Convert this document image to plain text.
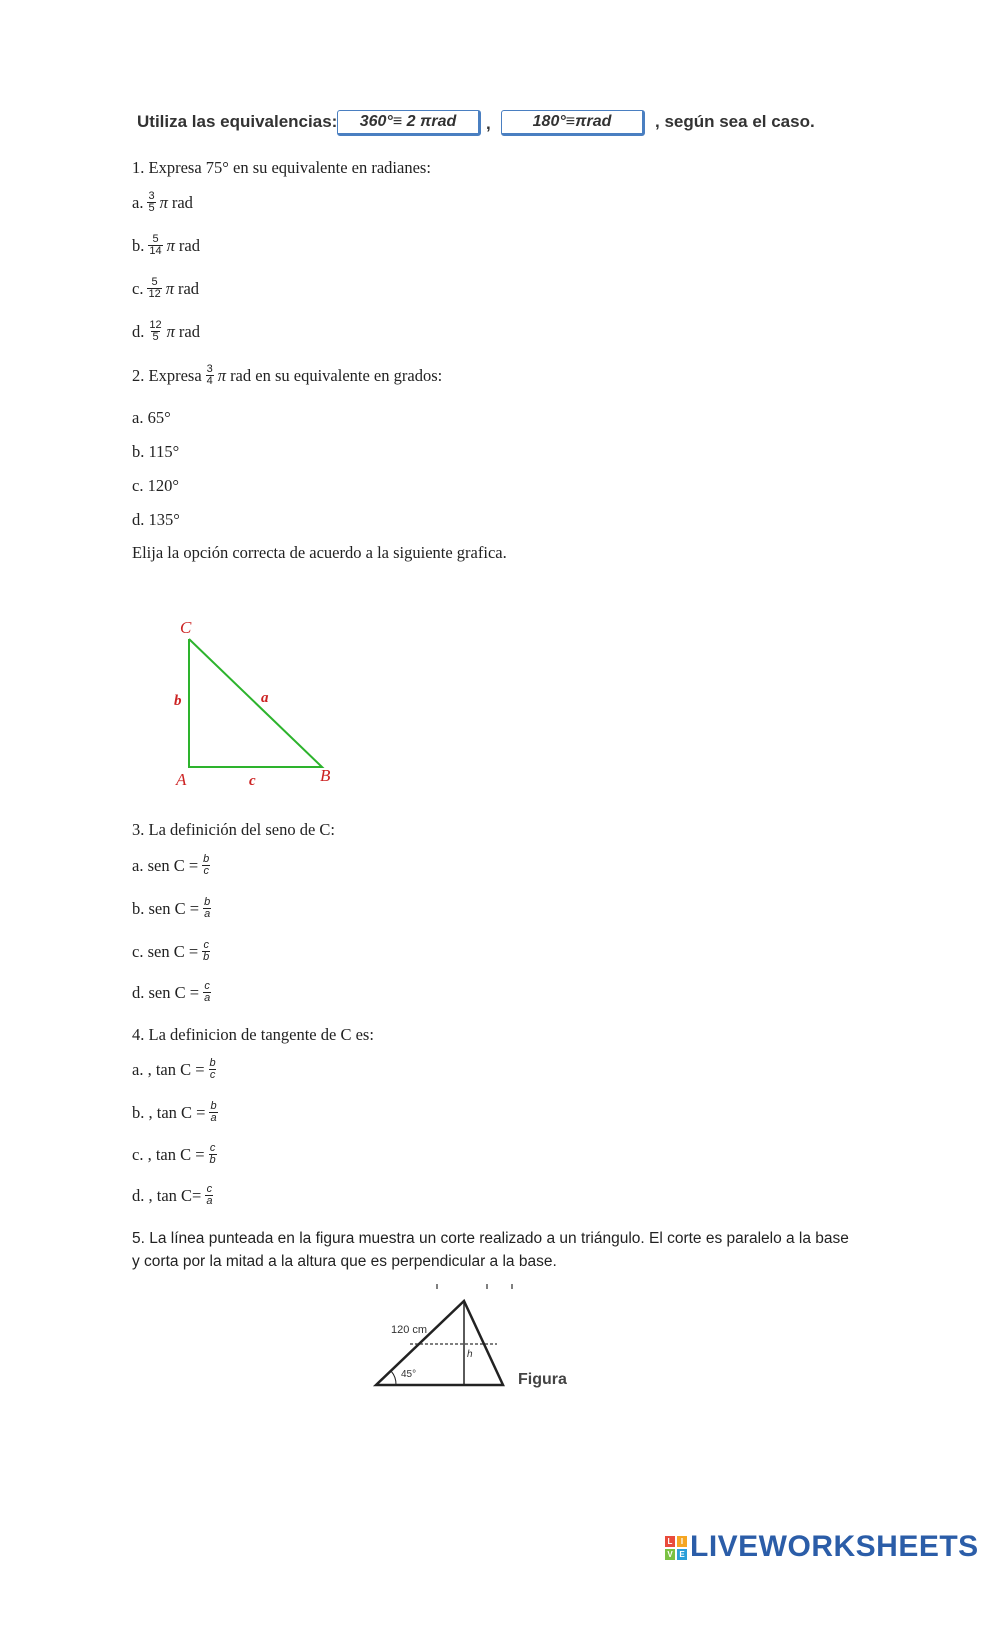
Utiliza las equivalencias:	360°≡ 2 πrad	,	180°≡πrad	, según sea el caso.
1. Expresa 75° en su equivalente en radianes:
a. $\frac{3}{5}$ π rad
b. $\frac{5}{14}$ π rad
c. $\frac{5}{12}$ π rad
d. $\frac{12}{5}$ π rad
2. Expresa $\frac{3}{4}$ π rad en su equivalente en grados:
a. 65°
b. 115°
c. 120°
d. 135°
Elija la opción correcta de acuerdo a la siguiente grafica.
C
b	a
A	c	B
3. La definición del seno de C:
a.
sen $C = \frac{b}{c}$
b.
sen $C = \frac{b}{a}$
c.
sen $C = \frac{c}{b}$
d.
sen $C = \frac{c}{a}$
4. La definicion de tangente de C es:
a. ,
$\tan C = \frac{b}{c}$
b. ,
$\tan C = \frac{b}{a}$
c. ,
$\tan C = \frac{c}{b}$
d. ,
$\tan C= \frac{c}{a}$
5. La línea punteada en la figura muestra un corte realizado a un triángulo. El corte es paralelo a la base y corta por la mitad a la altura que es perpendicular a la base.
120 cm
h
45°	Figura
L	I
V E LIVEWORKSHEETS
